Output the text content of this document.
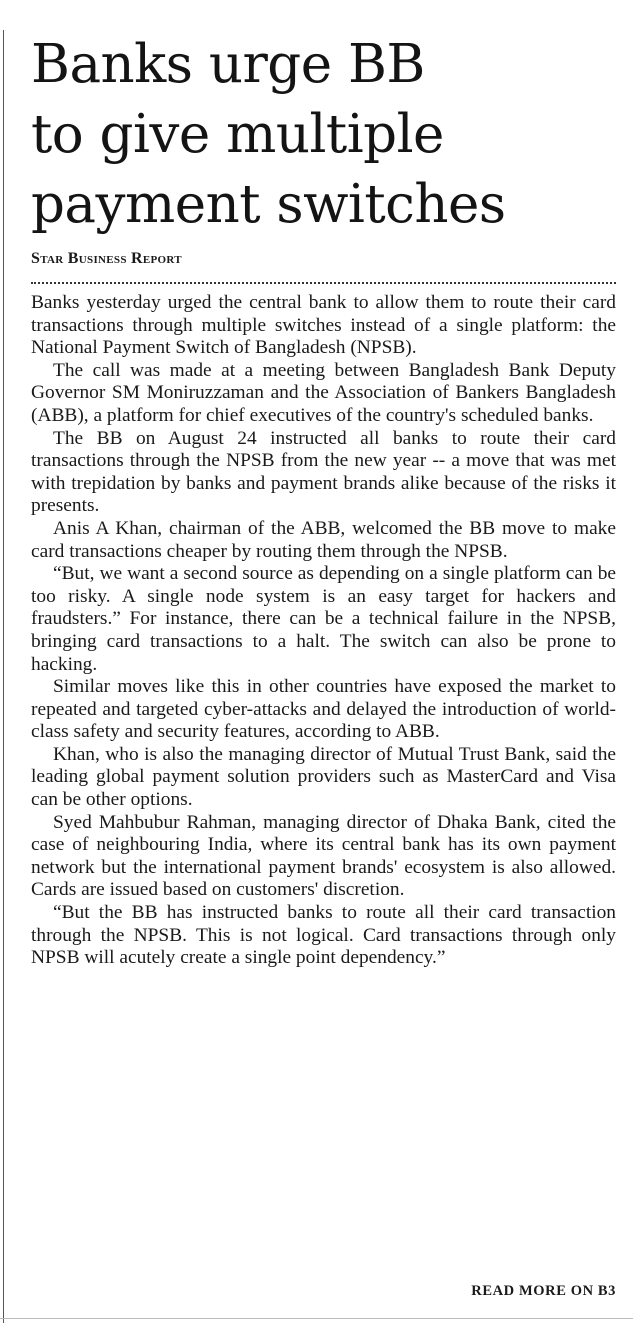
Banks urge BB
to give multiple
payment switches
Star Business Report

Banks yesterday urged the central bank to allow them to route their card transactions through multiple switches instead of a single platform: the National Payment Switch of Bangladesh (NPSB).

The call was made at a meeting between Bangladesh Bank Deputy Governor SM Moniruzzaman and the Association of Bankers Bangladesh (ABB), a platform for chief executives of the country's scheduled banks.

The BB on August 24 instructed all banks to route their card transactions through the NPSB from the new year -- a move that was met with trepidation by banks and payment brands alike because of the risks it presents.

Anis A Khan, chairman of the ABB, welcomed the BB move to make card transactions cheaper by routing them through the NPSB.

“But, we want a second source as depending on a single platform can be too risky. A single node system is an easy target for hackers and fraudsters.” For instance, there can be a technical failure in the NPSB, bringing card transactions to a halt. The switch can also be prone to hacking.

Similar moves like this in other countries have exposed the market to repeated and targeted cyber-attacks and delayed the introduction of world-class safety and security features, according to ABB.

Khan, who is also the managing director of Mutual Trust Bank, said the leading global payment solution providers such as MasterCard and Visa can be other options.

Syed Mahbubur Rahman, managing director of Dhaka Bank, cited the case of neighbouring India, where its central bank has its own payment network but the international payment brands' ecosystem is also allowed. Cards are issued based on customers' discretion.

“But the BB has instructed banks to route all their card transaction through the NPSB. This is not logical. Card transactions through only NPSB will acutely create a single point dependency.”

READ MORE ON B3
